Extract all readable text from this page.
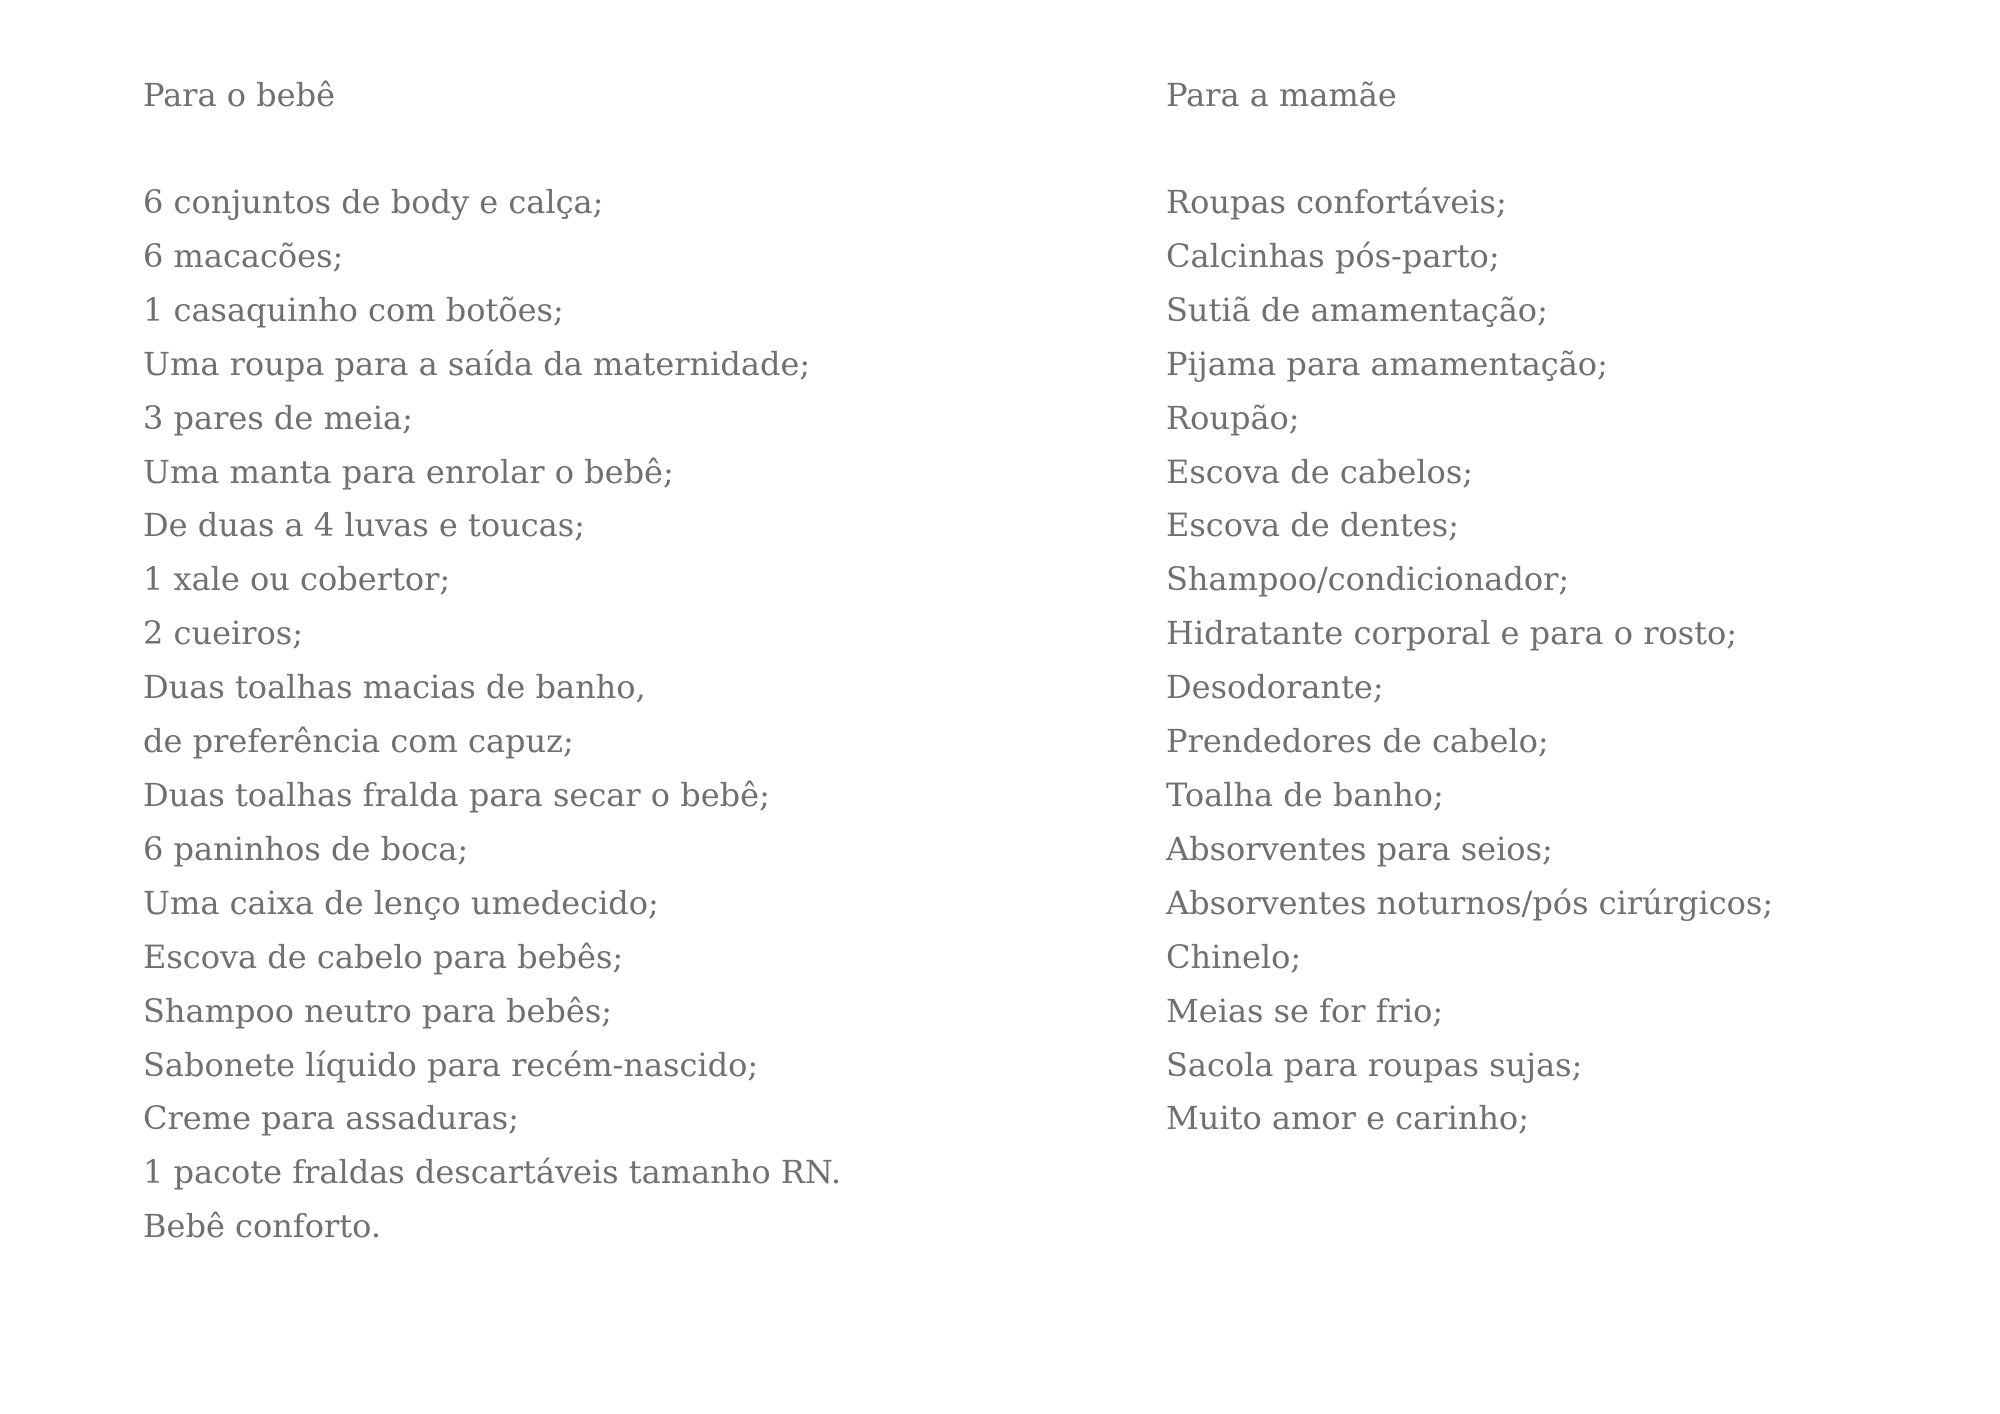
Para o bebê
6 conjuntos de body e calça;
6 macacões;
1 casaquinho com botões;
Uma roupa para a saída da maternidade;
3 pares de meia;
Uma manta para enrolar o bebê;
De duas a 4 luvas e toucas;
1 xale ou cobertor;
2 cueiros;
Duas toalhas macias de banho,
de preferência com capuz;
Duas toalhas fralda para secar o bebê;
6 paninhos de boca;
Uma caixa de lenço umedecido;
Escova de cabelo para bebês;
Shampoo neutro para bebês;
Sabonete líquido para recém-nascido;
Creme para assaduras;
1 pacote fraldas descartáveis tamanho RN.
Bebê conforto.
Para a mamãe
Roupas confortáveis;
Calcinhas pós-parto;
Sutiã de amamentação;
Pijama para amamentação;
Roupão;
Escova de cabelos;
Escova de dentes;
Shampoo/condicionador;
Hidratante corporal e para o rosto;
Desodorante;
Prendedores de cabelo;
Toalha de banho;
Absorventes para seios;
Absorventes noturnos/pós cirúrgicos;
Chinelo;
Meias se for frio;
Sacola para roupas sujas;
Muito amor e carinho;
